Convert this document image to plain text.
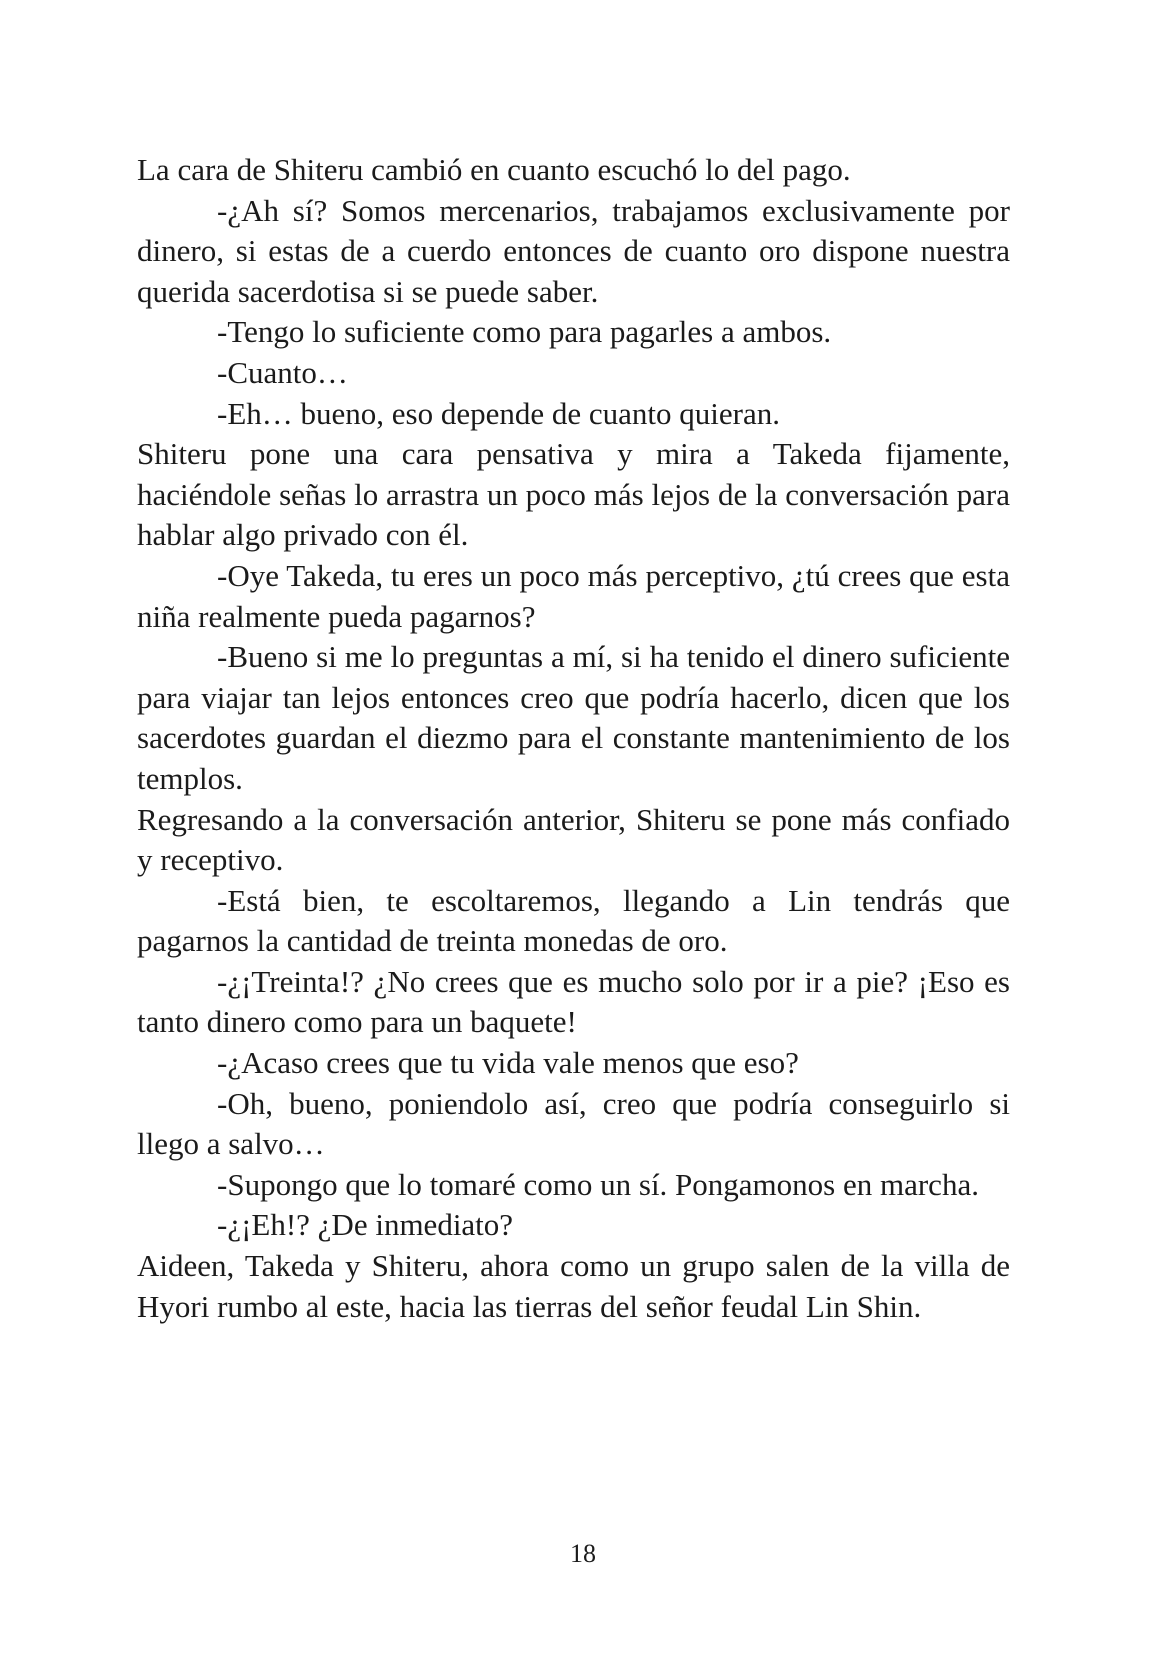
La cara de Shiteru cambió en cuanto escuchó lo del pago.

-¿Ah sí? Somos mercenarios, trabajamos exclusivamente por dinero, si estas de a cuerdo entonces de cuanto oro dispone nuestra querida sacerdotisa si se puede saber.

-Tengo lo suficiente como para pagarles a ambos.

-Cuanto…

-Eh… bueno, eso depende de cuanto quieran.

Shiteru pone una cara pensativa y mira a Takeda fijamente, haciéndole señas lo arrastra un poco más lejos de la conversación para hablar algo privado con él.

-Oye Takeda, tu eres un poco más perceptivo, ¿tú crees que esta niña realmente pueda pagarnos?

-Bueno si me lo preguntas a mí, si ha tenido el dinero suficiente para viajar tan lejos entonces creo que podría hacerlo, dicen que los sacerdotes guardan el diezmo para el constante mantenimiento de los templos.

Regresando a la conversación anterior, Shiteru se pone más confiado y receptivo.

-Está bien, te escoltaremos, llegando a Lin tendrás que pagarnos la cantidad de treinta monedas de oro.

-¿¡Treinta!? ¿No crees que es mucho solo por ir a pie? ¡Eso es tanto dinero como para un baquete!

-¿Acaso crees que tu vida vale menos que eso?

-Oh, bueno, poniendolo así, creo que podría conseguirlo si llego a salvo…

-Supongo que lo tomaré como un sí. Pongamonos en marcha.

-¿¡Eh!? ¿De inmediato?

Aideen, Takeda y Shiteru, ahora como un grupo salen de la villa de Hyori rumbo al este, hacia las tierras del señor feudal Lin Shin.

18
